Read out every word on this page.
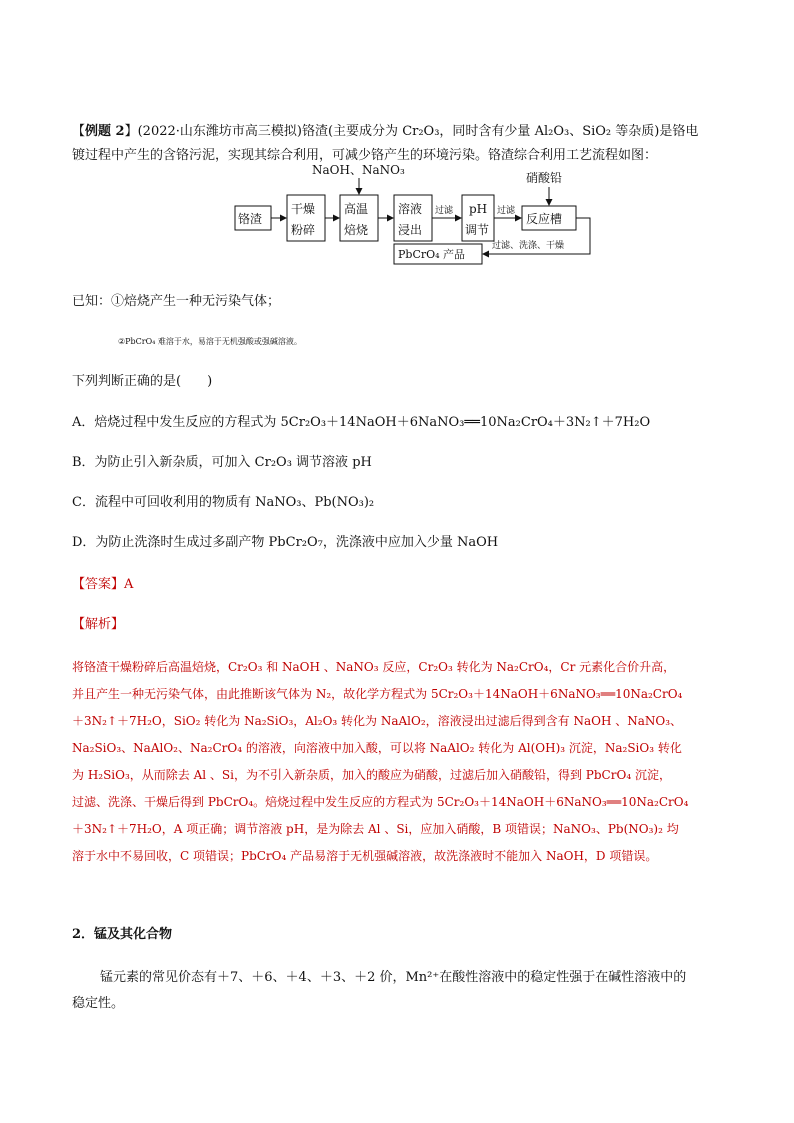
【例题 2】(2022·山东潍坊市高三模拟)铬渣(主要成分为 Cr₂O₃，同时含有少量 Al₂O₃、SiO₂ 等杂质)是铬电
镀过程中产生的含铬污泥，实现其综合利用，可减少铬产生的环境污染。铬渣综合利用工艺流程如图：
NaOH、NaNO₃
硝酸铅
铬渣
干燥
粉碎
高温
焙烧
溶液
浸出
pH
调节
反应槽
PbCrO₄ 产品
过滤	过滤
过滤、洗涤、干燥
已知：①焙烧产生一种无污染气体；
②PbCrO₄ 难溶于水，易溶于无机强酸或强碱溶液。
下列判断正确的是(　　)
A．焙烧过程中发生反应的方程式为 5Cr₂O₃＋14NaOH＋6NaNO₃══10Na₂CrO₄＋3N₂↑＋7H₂O
B．为防止引入新杂质，可加入 Cr₂O₃ 调节溶液 pH
C．流程中可回收利用的物质有 NaNO₃、Pb(NO₃)₂
D．为防止洗涤时生成过多副产物 PbCr₂O₇，洗涤液中应加入少量 NaOH
【答案】A
【解析】
将铬渣干燥粉碎后高温焙烧，Cr₂O₃ 和 NaOH 、NaNO₃ 反应，Cr₂O₃ 转化为 Na₂CrO₄，Cr 元素化合价升高，
并且产生一种无污染气体，由此推断该气体为 N₂，故化学方程式为 5Cr₂O₃＋14NaOH＋6NaNO₃══10Na₂CrO₄
＋3N₂↑＋7H₂O，SiO₂ 转化为 Na₂SiO₃，Al₂O₃ 转化为 NaAlO₂，溶液浸出过滤后得到含有 NaOH 、NaNO₃、
Na₂SiO₃、NaAlO₂、Na₂CrO₄ 的溶液，向溶液中加入酸，可以将 NaAlO₂ 转化为 Al(OH)₃ 沉淀，Na₂SiO₃ 转化
为 H₂SiO₃，从而除去 Al 、Si，为不引入新杂质，加入的酸应为硝酸，过滤后加入硝酸铅，得到 PbCrO₄ 沉淀，
过滤、洗涤、干燥后得到 PbCrO₄。焙烧过程中发生反应的方程式为 5Cr₂O₃＋14NaOH＋6NaNO₃══10Na₂CrO₄
＋3N₂↑＋7H₂O，A 项正确；调节溶液 pH，是为除去 Al 、Si，应加入硝酸，B 项错误；NaNO₃、Pb(NO₃)₂ 均
溶于水中不易回收，C 项错误；PbCrO₄ 产品易溶于无机强碱溶液，故洗涤液时不能加入 NaOH，D 项错误。
2．锰及其化合物
锰元素的常见价态有＋7、＋6、＋4、＋3、＋2 价，Mn²⁺在酸性溶液中的稳定性强于在碱性溶液中的
稳定性。
